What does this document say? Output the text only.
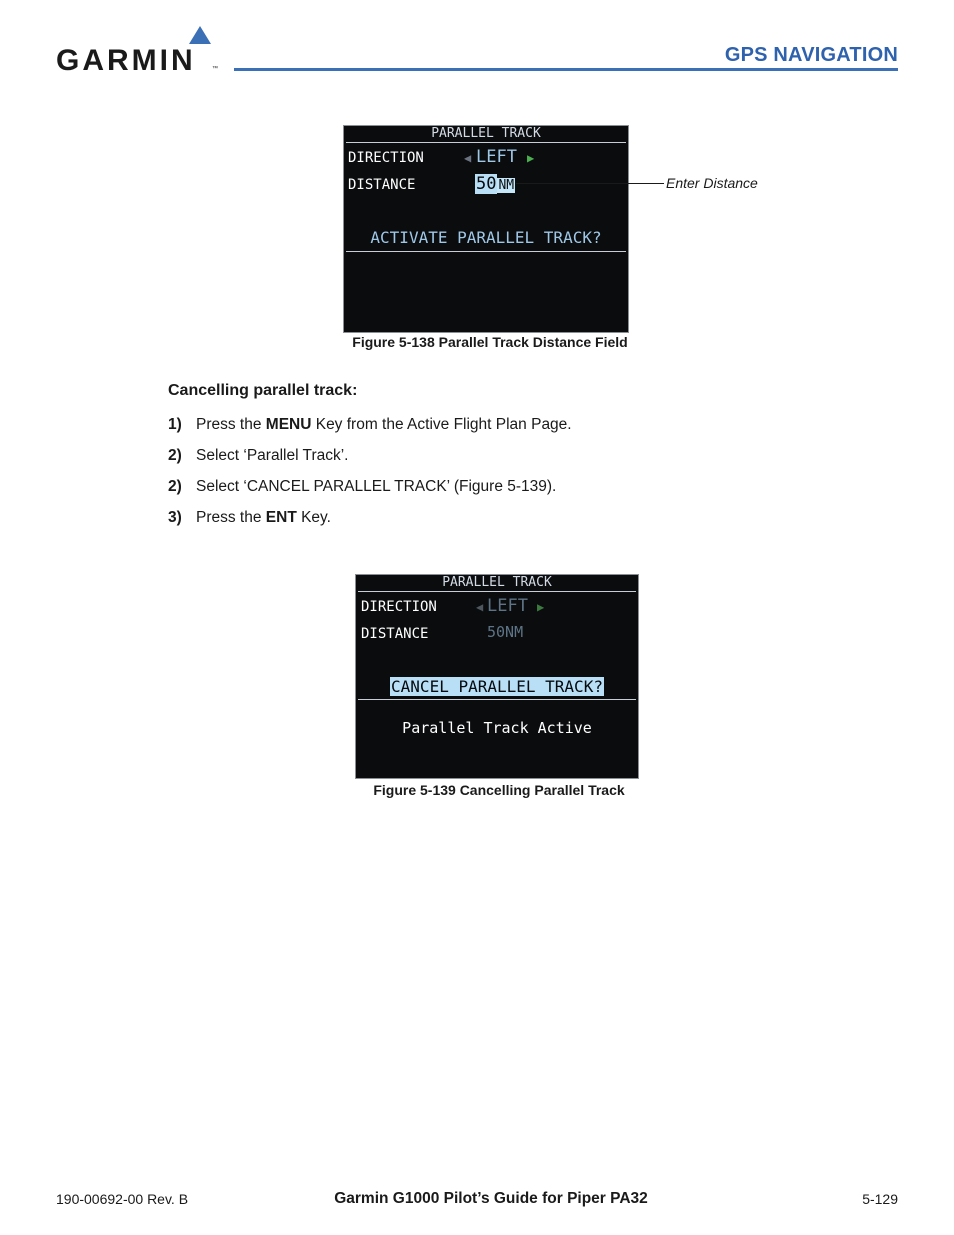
GARMIN	™
GPS NAVIGATION
PARALLEL TRACK
DIRECTION	◀ LEFT ▶
DISTANCE	50 NM
ACTIVATE PARALLEL TRACK?
Enter Distance
Figure 5-138 Parallel Track Distance Field
Cancelling parallel track:
1) Press the MENU Key from the Active Flight Plan Page.
2) Select ‘Parallel Track’.
2) Select ‘CANCEL PARALLEL TRACK’ (Figure 5-139).
3) Press the ENT Key.
PARALLEL TRACK
DIRECTION	◀ LEFT ▶
DISTANCE	50NM
CANCEL PARALLEL TRACK?
Parallel Track Active
Figure 5-139 Cancelling Parallel Track
190-00692-00 Rev. B	Garmin G1000 Pilot’s Guide for Piper PA32	5-129
